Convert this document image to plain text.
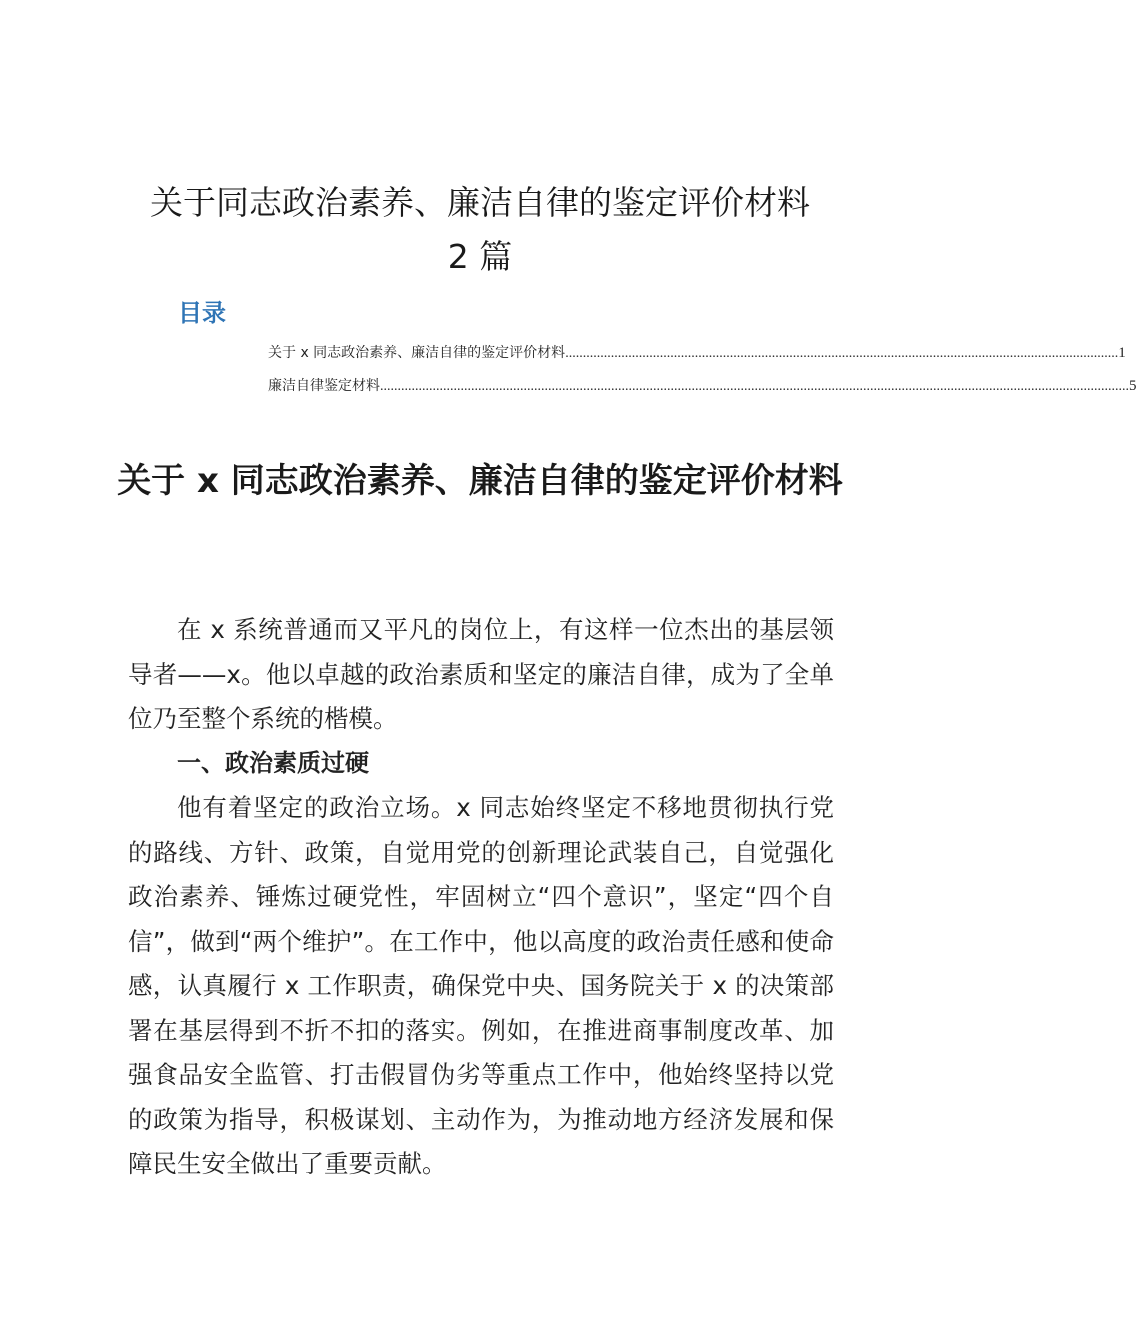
关于同志政治素养、廉洁自律的鉴定评价材料
2 篇
目录
关于 x 同志政治素养、廉洁自律的鉴定评价材料 .............................................................................................................................................................. 1
廉洁自律鉴定材料 ...................................................................................................................................................................................................................... 5
关于 x 同志政治素养、廉洁自律的鉴定评价材料

在 x 系统普通而又平凡的岗位上，有这样一位杰出的基层领导者——x。他以卓越的政治素质和坚定的廉洁自律，成为了全单位乃至整个系统的楷模。

一、政治素质过硬

他有着坚定的政治立场。x 同志始终坚定不移地贯彻执行党的路线、方针、政策，自觉用党的创新理论武装自己，自觉强化政治素养、锤炼过硬党性，牢固树立“四个意识”，坚定“四个自信”，做到“两个维护”。在工作中，他以高度的政治责任感和使命感，认真履行 x 工作职责，确保党中央、国务院关于 x 的决策部署在基层得到不折不扣的落实。例如，在推进商事制度改革、加强食品安全监管、打击假冒伪劣等重点工作中，他始终坚持以党的政策为指导，积极谋划、主动作为，为推动地方经济发展和保障民生安全做出了重要贡献。
